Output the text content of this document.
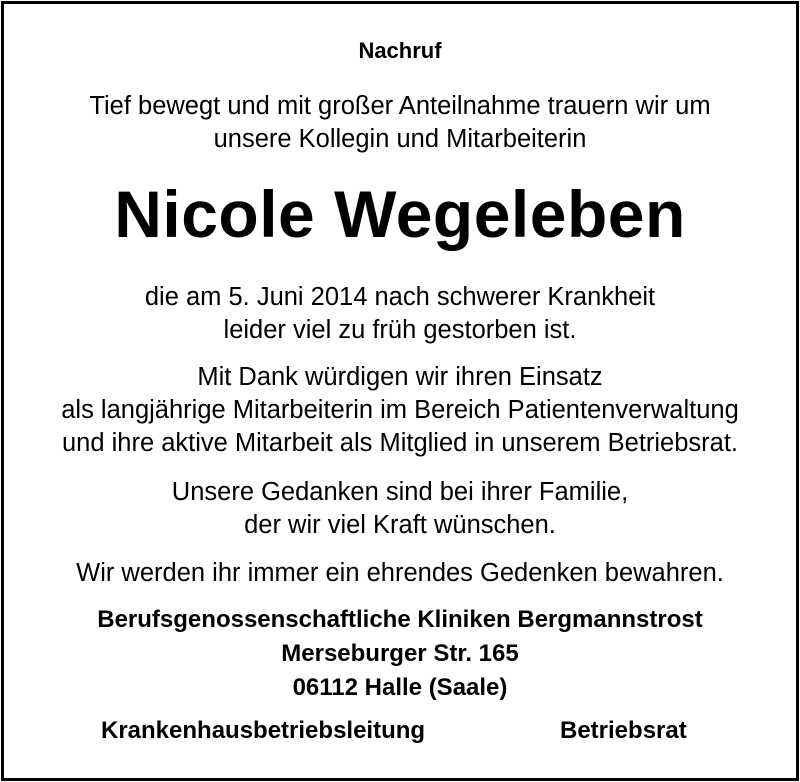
Nachruf
Tief bewegt und mit großer Anteilnahme trauern wir um
unsere Kollegin und Mitarbeiterin
Nicole Wegeleben
die am 5. Juni 2014 nach schwerer Krankheit
leider viel zu früh gestorben ist.
Mit Dank würdigen wir ihren Einsatz
als langjährige Mitarbeiterin im Bereich Patientenverwaltung
und ihre aktive Mitarbeit als Mitglied in unserem Betriebsrat.
Unsere Gedanken sind bei ihrer Familie,
der wir viel Kraft wünschen.
Wir werden ihr immer ein ehrendes Gedenken bewahren.
Berufsgenossenschaftliche Kliniken Bergmannstrost
Merseburger Str. 165
06112 Halle (Saale)
Krankenhausbetriebsleitung	Betriebsrat
